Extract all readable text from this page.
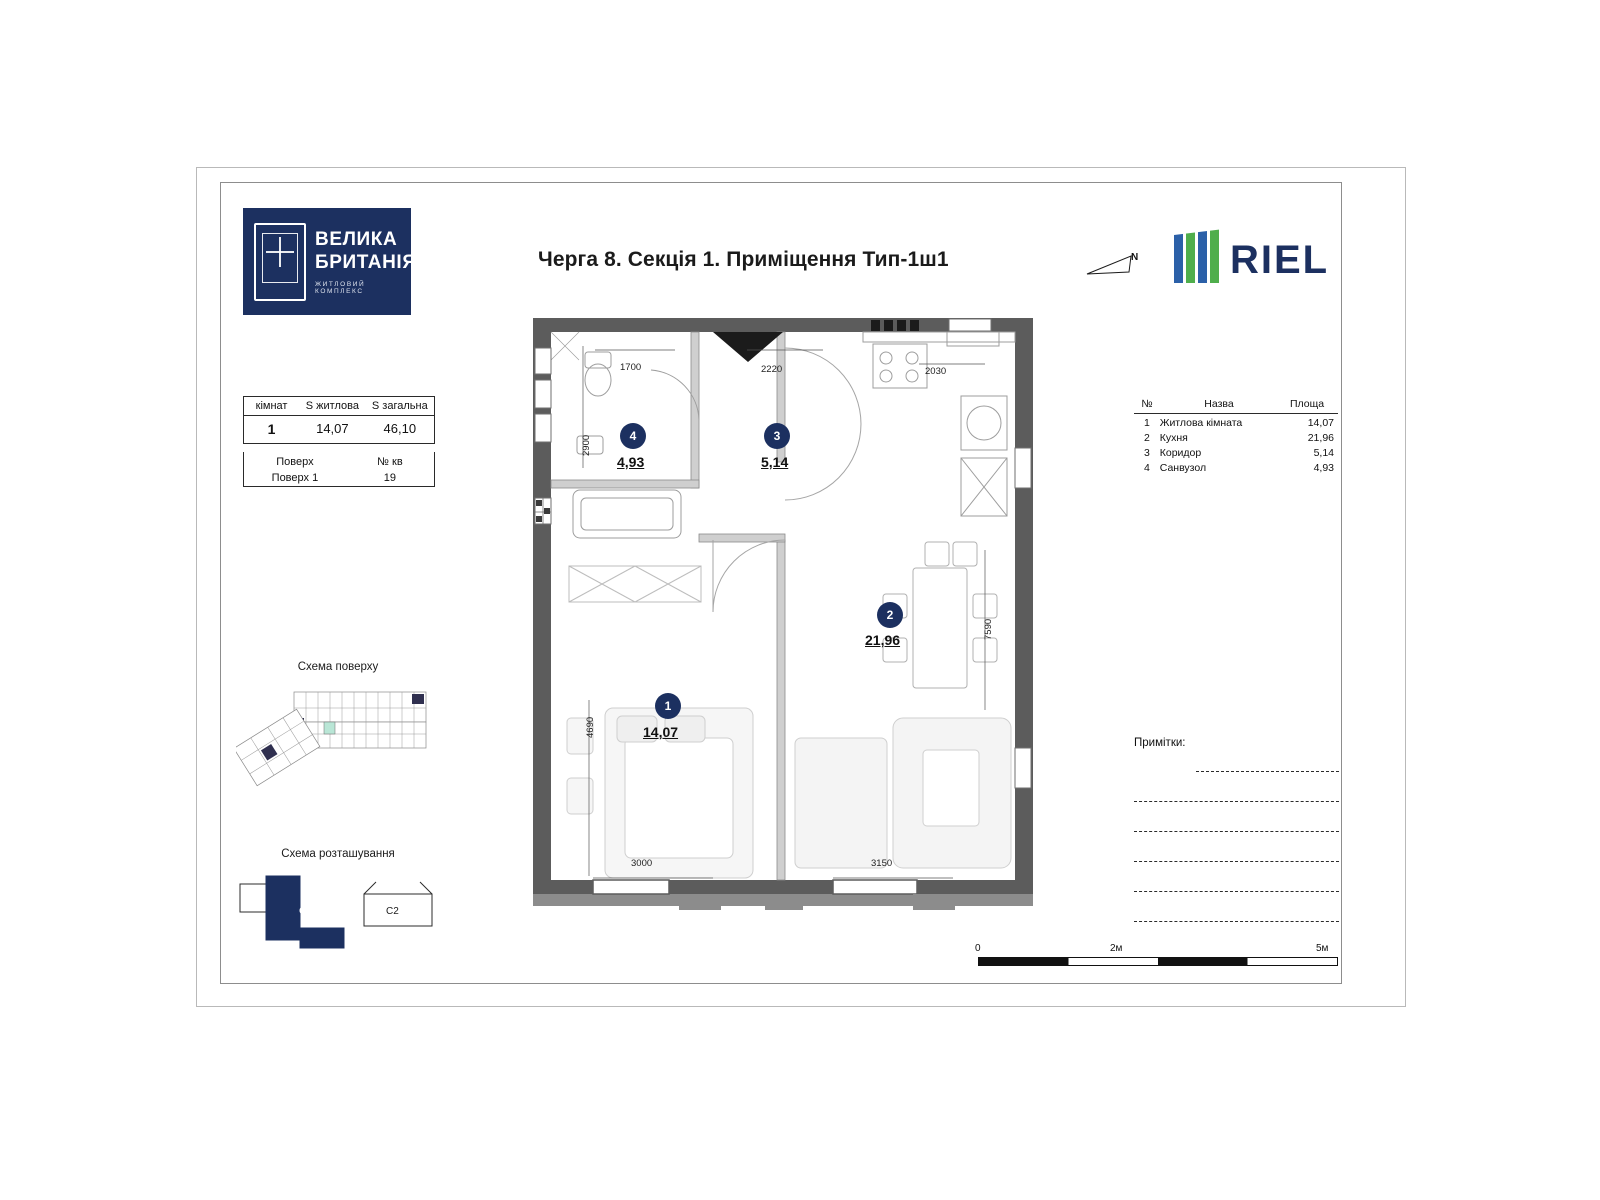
ВЕЛИКА
БРИТАНІЯ
ЖИТЛОВИЙ КОМПЛЕКС
Черга 8. Секція 1. Приміщення Тип-1ш1	N RIEL
кімнат	S житлова	S загальна
1	14,07	46,10
Поверх	№ кв
Поверх 1	19
Схема поверху
Схема розташування
С1	С2
1700	2220	2030
2900
4690
7590
3000	3150
4
4,93
3
5,14
2
21,96
1
14,07
№	Назва	Площа
1 Житлова кімната	14,07
2 Кухня	21,96
3 Коридор	5,14
4 Санвузол	4,93
Примітки:
0	2м	5м
